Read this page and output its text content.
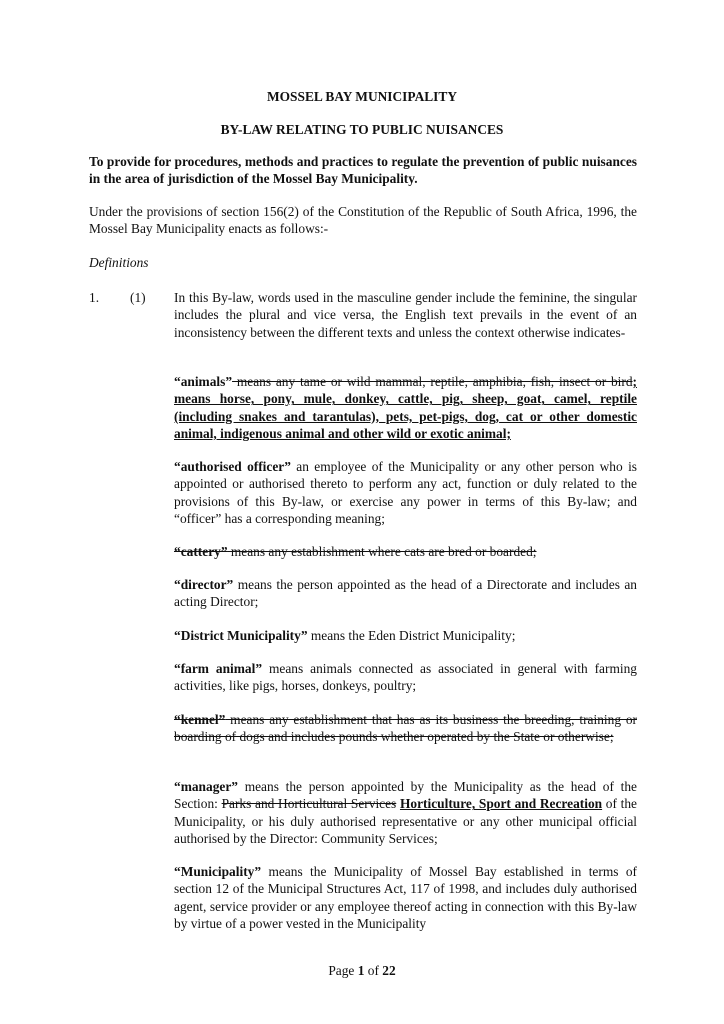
MOSSEL BAY MUNICIPALITY
BY-LAW RELATING TO PUBLIC NUISANCES
To provide for procedures, methods and practices to regulate the prevention of public nuisances in the area of jurisdiction of the Mossel Bay Municipality.
Under the provisions of section 156(2) of the Constitution of the Republic of South Africa, 1996, the Mossel Bay Municipality enacts as follows:-
Definitions
1. (1) In this By-law, words used in the masculine gender include the feminine, the singular includes the plural and vice versa, the English text prevails in the event of an inconsistency between the different texts and unless the context otherwise indicates-
“animals” means any tame or wild mammal, reptile, amphibia, fish, insect or bird; means horse, pony, mule, donkey, cattle, pig, sheep, goat, camel, reptile (including snakes and tarantulas), pets, pet-pigs, dog, cat or other domestic animal, indigenous animal and other wild or exotic animal;
“authorised officer” an employee of the Municipality or any other person who is appointed or authorised thereto to perform any act, function or duly related to the provisions of this By-law, or exercise any power in terms of this By-law; and “officer” has a corresponding meaning;
“cattery” means any establishment where cats are bred or boarded;
“director” means the person appointed as the head of a Directorate and includes an acting Director;
“District Municipality” means the Eden District Municipality;
“farm animal” means animals connected as associated in general with farming activities, like pigs, horses, donkeys, poultry;
“kennel” means any establishment that has as its business the breeding, training or boarding of dogs and includes pounds whether operated by the State or otherwise;
“manager” means the person appointed by the Municipality as the head of the Section: Parks and Horticultural Services Horticulture, Sport and Recreation of the Municipality, or his duly authorised representative or any other municipal official authorised by the Director: Community Services;
“Municipality” means the Municipality of Mossel Bay established in terms of section 12 of the Municipal Structures Act, 117 of 1998, and includes duly authorised agent, service provider or any employee thereof acting in connection with this By-law by virtue of a power vested in the Municipality
Page 1 of 22
